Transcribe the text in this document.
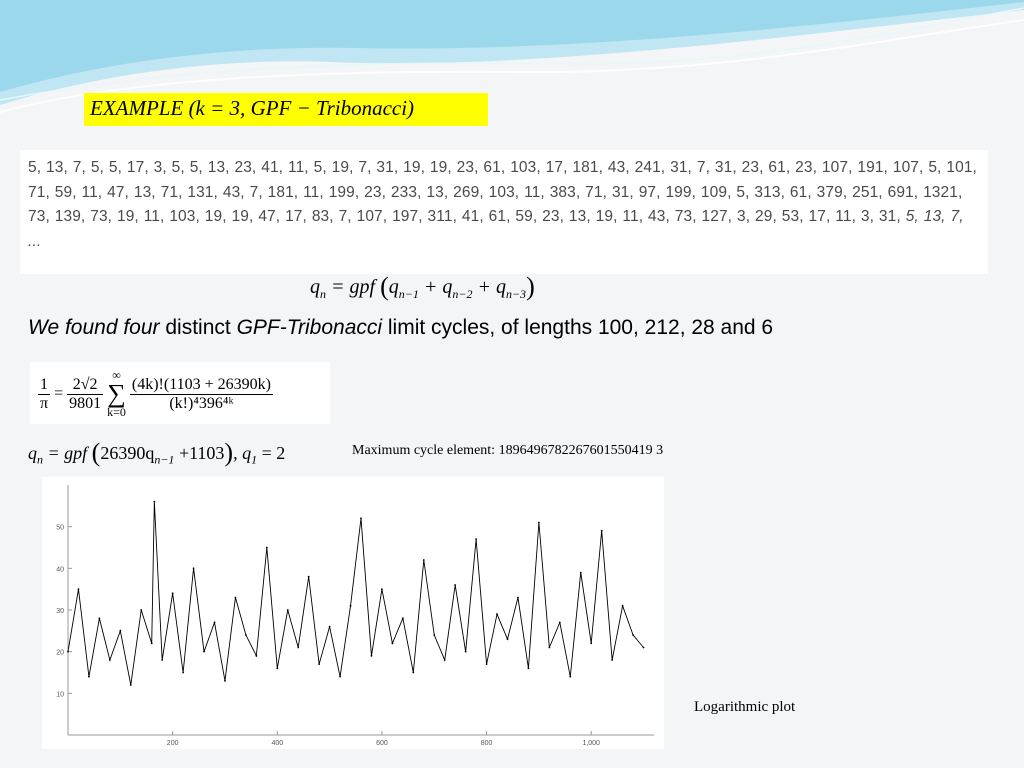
EXAMPLE (k = 3, GPF − Tribonacci)
5, 13, 7, 5, 5, 17, 3, 5, 5, 13, 23, 41, 11, 5, 19, 7, 31, 19, 19, 23, 61, 103, 17, 181, 43, 241, 31, 7, 31, 23, 61, 23, 107, 191, 107, 5, 101, 71, 59, 11, 47, 13, 71, 131, 43, 7, 181, 11, 199, 23, 233, 13, 269, 103, 11, 383, 71, 31, 97, 199, 109, 5, 313, 61, 379, 251, 691, 1321, 73, 139, 73, 19, 11, 103, 19, 19, 47, 17, 83, 7, 107, 197, 311, 41, 61, 59, 23, 13, 19, 11, 43, 73, 127, 3, 29, 53, 17, 11, 3, 31, 5, 13, 7, ...
$q_n$ = gpf $(q_{n-1} + q_{n-2} + q_{n-3})$
We found four distinct GPF-Tribonacci limit cycles, of lengths 100, 212, 28 and 6
$\frac{1}{\pi} = \frac{2√2}{9801}$

∞
∑
k=0
$\frac{(4k)!(1103 + 26390k)}{\text{(k!)⁴396⁴ᵏ}}$
$q_n$ = gpf $(26390q_{n-1} +1103)$, $q_1 = 2$	Maximum cycle element: 1896496782267601550419 3
10
20
30
40
50
200	400	600	800	1,000
Logarithmic plot
